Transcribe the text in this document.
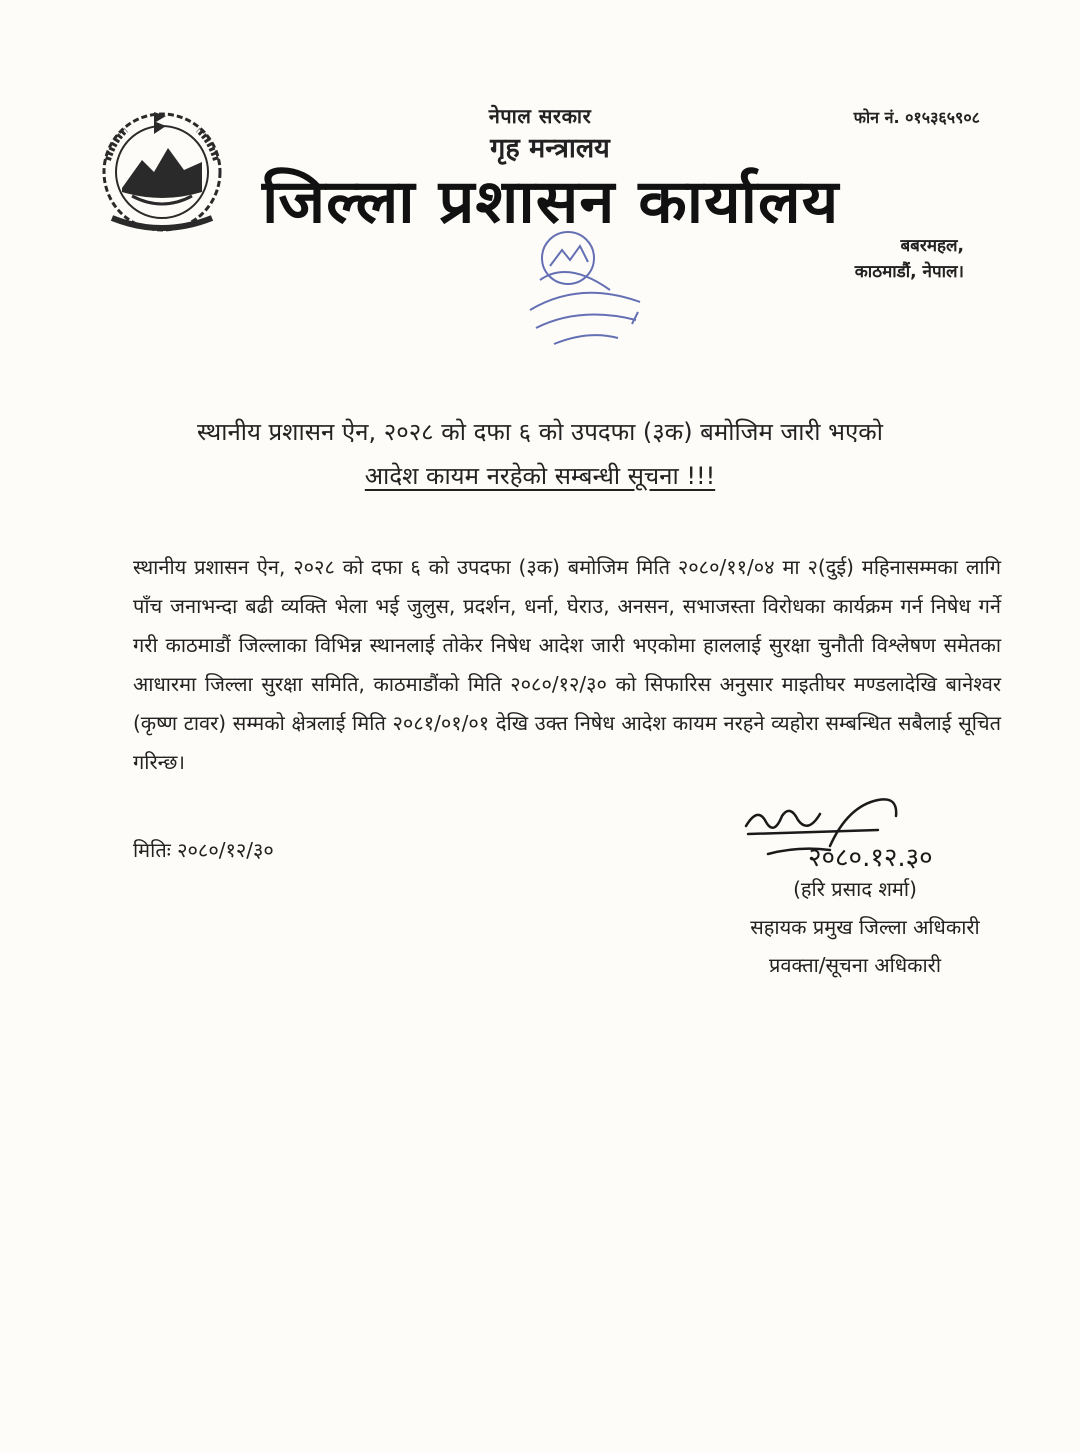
नेपाल सरकार
गृह मन्त्रालय
जिल्ला प्रशासन कार्यालय
फोन नं. ०१५३६५९०८
बबरमहल,
काठमाडौं, नेपाल।
स्थानीय प्रशासन ऐन, २०२८ को दफा ६ को उपदफा (३क) बमोजिम जारी भएको
आदेश कायम नरहेको सम्बन्धी सूचना !!!
स्थानीय प्रशासन ऐन, २०२८ को दफा ६ को उपदफा (३क) बमोजिम मिति २०८०/११/०४ मा २(दुई) महिनासम्मका लागि पाँच जनाभन्दा बढी व्यक्ति भेला भई जुलुस, प्रदर्शन, धर्ना, घेराउ, अनसन, सभाजस्ता विरोधका कार्यक्रम गर्न निषेध गर्ने गरी काठमाडौं जिल्लाका विभिन्न स्थानलाई तोकेर निषेध आदेश जारी भएकोमा हाललाई सुरक्षा चुनौती विश्लेषण समेतका आधारमा जिल्ला सुरक्षा समिति, काठमाडौंको मिति २०८०/१२/३० को सिफारिस अनुसार माइतीघर मण्डलादेखि बानेश्वर (कृष्ण टावर) सम्मको क्षेत्रलाई मिति २०८१/०१/०१ देखि उक्त निषेध आदेश कायम नरहने व्यहोरा सम्बन्धित सबैलाई सूचित गरिन्छ।
मितिः २०८०/१२/३०	२०८०.१२.३०
(हरि प्रसाद शर्मा)
सहायक प्रमुख जिल्ला अधिकारी
प्रवक्ता/सूचना अधिकारी
